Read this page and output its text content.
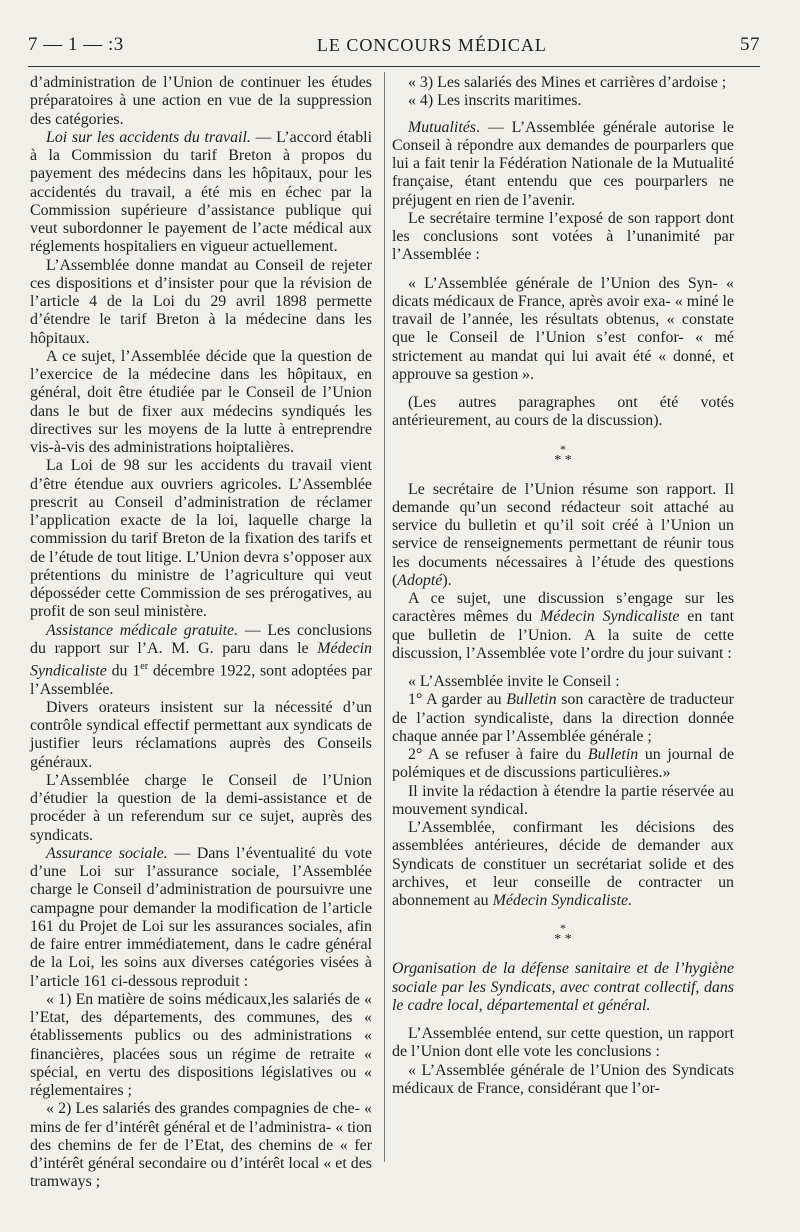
7 — 1 — :3	LE CONCOURS MÉDICAL	57

d’administration de l’Union de continuer les études préparatoires à une action en vue de la suppression des catégories.

Loi sur les accidents du travail. — L’accord établi à la Commission du tarif Breton à propos du payement des médecins dans les hôpitaux, pour les accidentés du travail, a été mis en échec par la Commission supérieure d’assistance publique qui veut subordonner le payement de l’acte médical aux réglements hospitaliers en vigueur actuellement.

L’Assemblée donne mandat au Conseil de rejeter ces dispositions et d’insister pour que la révision de l’article 4 de la Loi du 29 avril 1898 permette d’étendre le tarif Breton à la médecine dans les hôpitaux.

A ce sujet, l’Assemblée décide que la question de l’exercice de la médecine dans les hôpitaux, en général, doit être étudiée par le Conseil de l’Union dans le but de fixer aux médecins syndiqués les directives sur les moyens de la lutte à entreprendre vis-à-vis des administrations hoiptalières.

La Loi de 98 sur les accidents du travail vient d’être étendue aux ouvriers agricoles. L’Assemblée prescrit au Conseil d’administration de réclamer l’application exacte de la loi, laquelle charge la commission du tarif Breton de la fixation des tarifs et de l’étude de tout litige. L’Union devra s’opposer aux prétentions du ministre de l’agriculture qui veut déposséder cette Commission de ses prérogatives, au profit de son seul ministère.

Assistance médicale gratuite. — Les conclusions du rapport sur l’A. M. G. paru dans le Médecin Syndicaliste du 1er décembre 1922, sont adoptées par l’Assemblée.

Divers orateurs insistent sur la nécessité d’un contrôle syndical effectif permettant aux syndicats de justifier leurs réclamations auprès des Conseils généraux.

L’Assemblée charge le Conseil de l’Union d’étudier la question de la demi-assistance et de procéder à un referendum sur ce sujet, auprès des syndicats.

Assurance sociale. — Dans l’éventualité du vote d’une Loi sur l’assurance sociale, l’Assemblée charge le Conseil d’administration de poursuivre une campagne pour demander la modification de l’article 161 du Projet de Loi sur les assurances sociales, afin de faire entrer immédiatement, dans le cadre général de la Loi, les soins aux diverses catégories visées à l’article 161 ci-dessous reproduit :

« 1) En matière de soins médicaux,les salariés de « l’Etat, des départements, des communes, des « établissements publics ou des administrations « financières, placées sous un régime de retraite « spécial, en vertu des dispositions législatives ou « réglementaires ;

« 2) Les salariés des grandes compagnies de che- « mins de fer d’intérêt général et de l’administra- « tion des chemins de fer de l’Etat, des chemins de « fer d’intérêt général secondaire ou d’intérêt local « et des tramways ;

« 3) Les salariés des Mines et carrières d’ardoise ;

« 4) Les inscrits maritimes.

Mutualités. — L’Assemblée générale autorise le Conseil à répondre aux demandes de pourparlers que lui a fait tenir la Fédération Nationale de la Mutualité française, étant entendu que ces pourparlers ne préjugent en rien de l’avenir.

Le secrétaire termine l’exposé de son rapport dont les conclusions sont votées à l’unanimité par l’Assemblée :

« L’Assemblée générale de l’Union des Syn- « dicats médicaux de France, après avoir exa- « miné le travail de l’année, les résultats obtenus, « constate que le Conseil de l’Union s’est confor- « mé strictement au mandat qui lui avait été « donné, et approuve sa gestion ».

(Les autres paragraphes ont été votés antérieurement, au cours de la discussion).

*
* *

Le secrétaire de l’Union résume son rapport. Il demande qu’un second rédacteur soit attaché au service du bulletin et qu’il soit créé à l’Union un service de renseignements permettant de réunir tous les documents nécessaires à l’étude des questions (Adopté).

A ce sujet, une discussion s’engage sur les caractères mêmes du Médecin Syndicaliste en tant que bulletin de l’Union. A la suite de cette discussion, l’Assemblée vote l’ordre du jour suivant :

« L’Assemblée invite le Conseil :

1° A garder au Bulletin son caractère de traducteur de l’action syndicaliste, dans la direction donnée chaque année par l’Assemblée générale ;

2° A se refuser à faire du Bulletin un journal de polémiques et de discussions particulières.»

Il invite la rédaction à étendre la partie réservée au mouvement syndical.

L’Assemblée, confirmant les décisions des assemblées antérieures, décide de demander aux Syndicats de constituer un secrétariat solide et des archives, et leur conseille de contracter un abonnement au Médecin Syndicaliste.

*
* *

Organisation de la défense sanitaire et de l’hygiène sociale par les Syndicats, avec contrat collectif, dans le cadre local, départemental et général.

L’Assemblée entend, sur cette question, un rapport de l’Union dont elle vote les conclusions :

« L’Assemblée générale de l’Union des Syndicats médicaux de France, considérant que l’or-
